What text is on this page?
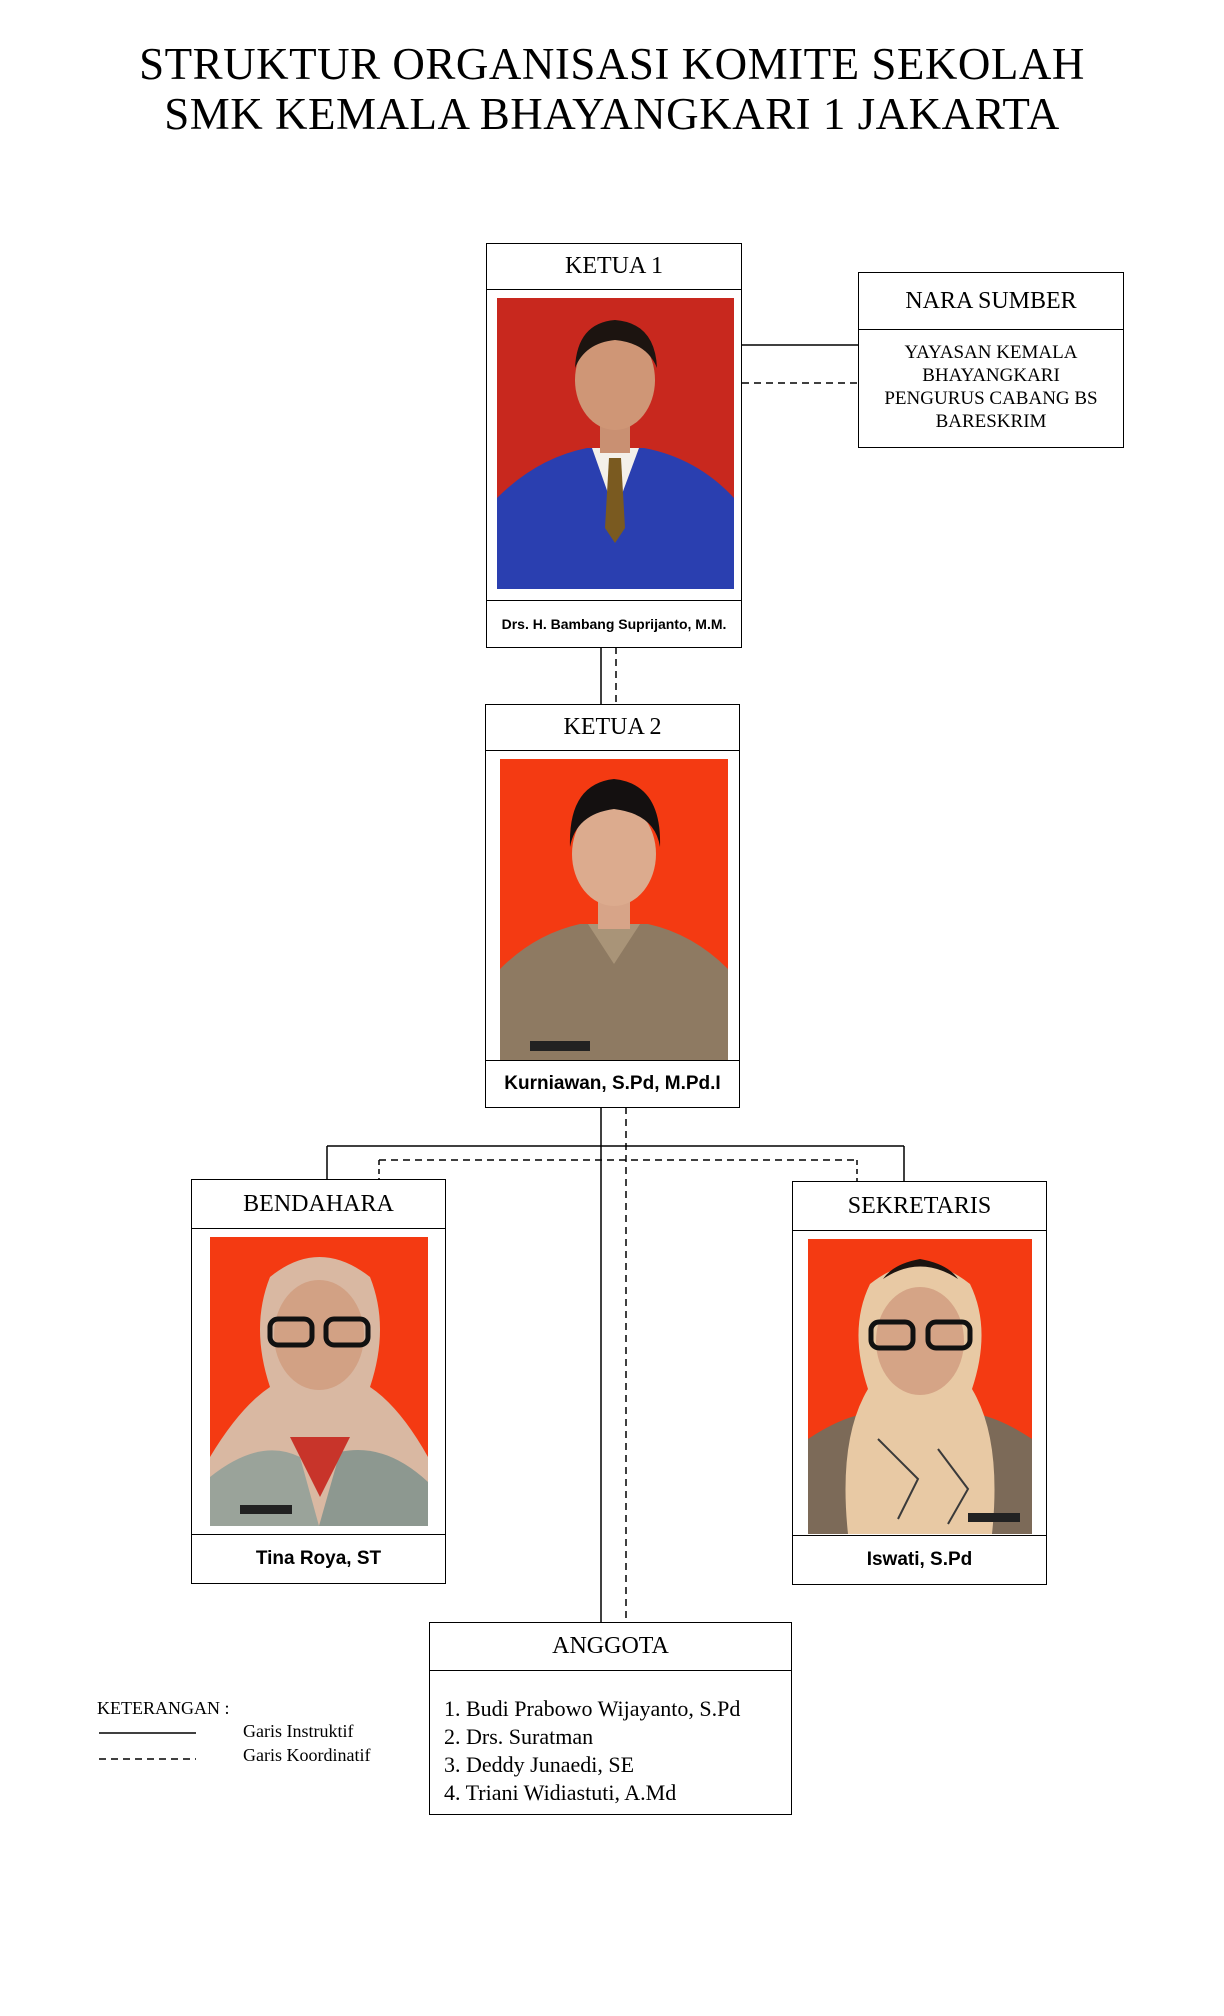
STRUKTUR ORGANISASI KOMITE SEKOLAH
SMK KEMALA BHAYANGKARI 1 JAKARTA
KETUA 1
Drs. H. Bambang Suprijanto, M.M.
NARA SUMBER
YAYASAN KEMALA
BHAYANGKARI
PENGURUS CABANG BS
BARESKRIM
KETUA 2
Kurniawan, S.Pd, M.Pd.I
BENDAHARA
Tina Roya, ST
SEKRETARIS
Iswati, S.Pd
ANGGOTA
1. Budi Prabowo Wijayanto, S.Pd
2. Drs. Suratman
3. Deddy Junaedi, SE
4. Triani Widiastuti, A.Md
KETERANGAN :
Garis Instruktif
Garis Koordinatif
